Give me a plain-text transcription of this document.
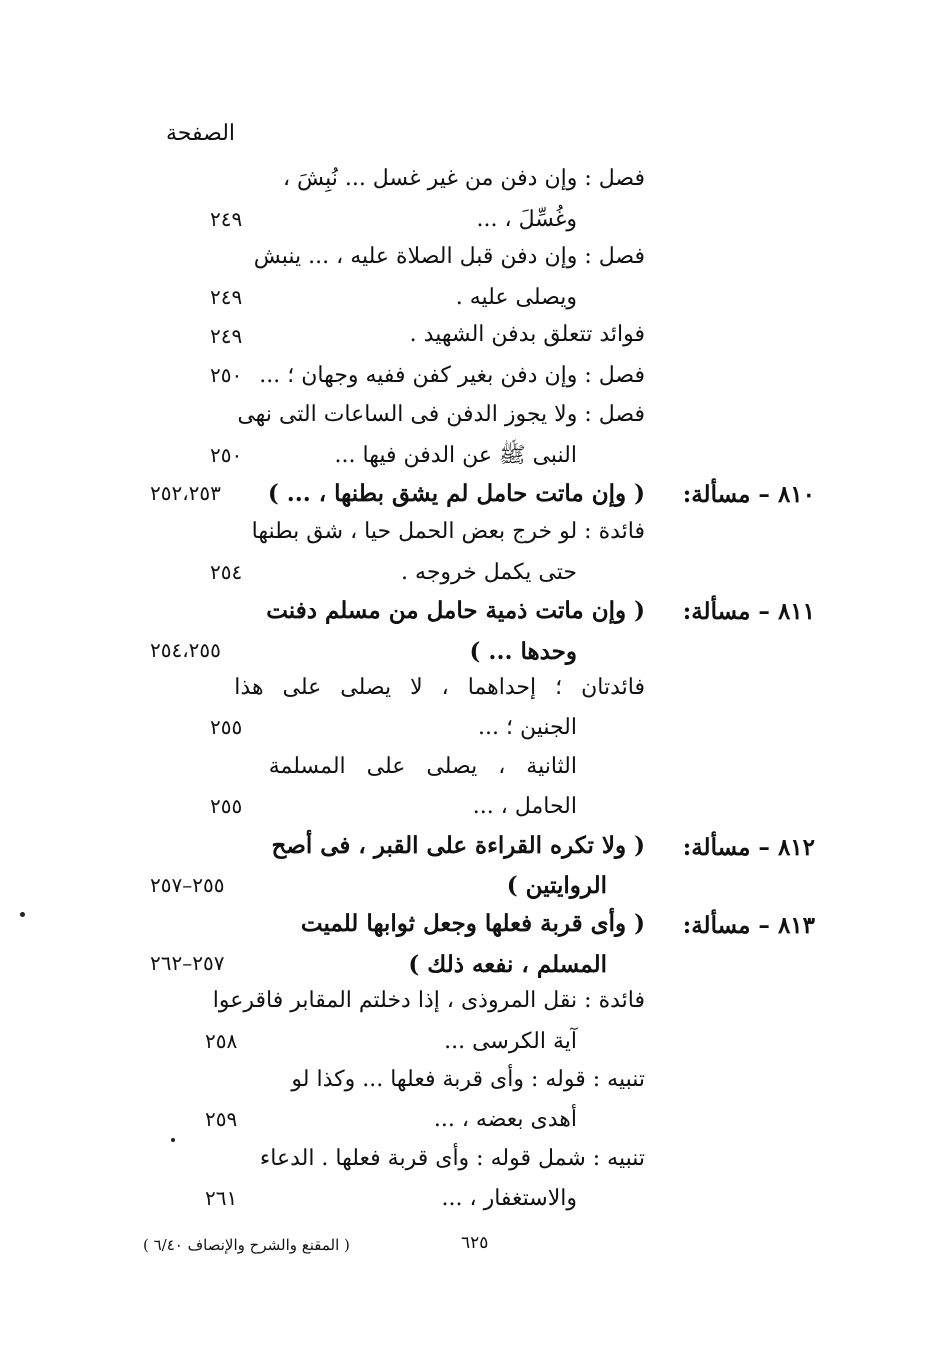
الصفحة
فصل : وإن دفن من غير غسل ... نُبِشَ ،
وغُسِّلَ ، ...
٢٤٩
فصل : وإن دفن قبل الصلاة عليه ، ... ينبش
ويصلى عليه .
٢٤٩
فوائد تتعلق بدفن الشهيد .
٢٤٩
فصل : وإن دفن بغير كفن ففيه وجهان ؛ ...
٢٥٠
فصل : ولا يجوز الدفن فى الساعات التى نهى
النبى ﷺ عن الدفن فيها ...
٢٥٠
٨١٠ – مسألة:
( وإن ماتت حامل لم يشق بطنها ، ... )
٢٥٢،٢٥٣
فائدة : لو خرج بعض الحمل حيا ، شق بطنها
حتى يكمل خروجه .
٢٥٤
٨١١ – مسألة:
( وإن ماتت ذمية حامل من مسلم دفنت
وحدها ... )
٢٥٤،٢٥٥
فائدتان ؛ إحداهما ، لا يصلى على هذا
الجنين ؛ ...
٢٥٥
الثانية ، يصلى على المسلمة
الحامل ، ...
٢٥٥
٨١٢ – مسألة:
( ولا تكره القراءة على القبر ، فى أصح
الروايتين )
٢٥٥–٢٥٧
٨١٣ – مسألة:
( وأى قربة فعلها وجعل ثوابها للميت
المسلم ، نفعه ذلك )
٢٥٧–٢٦٢
فائدة : نقل المروذى ، إذا دخلتم المقابر فاقرعوا
آية الكرسى ...
٢٥٨
تنبيه : قوله : وأى قربة فعلها ... وكذا لو
أهدى بعضه ، ...
٢٥٩
تنبيه : شمل قوله : وأى قربة فعلها . الدعاء
والاستغفار ، ...
٢٦١
٦٢٥
( المقنع والشرح والإنصاف ٦/٤٠ )
